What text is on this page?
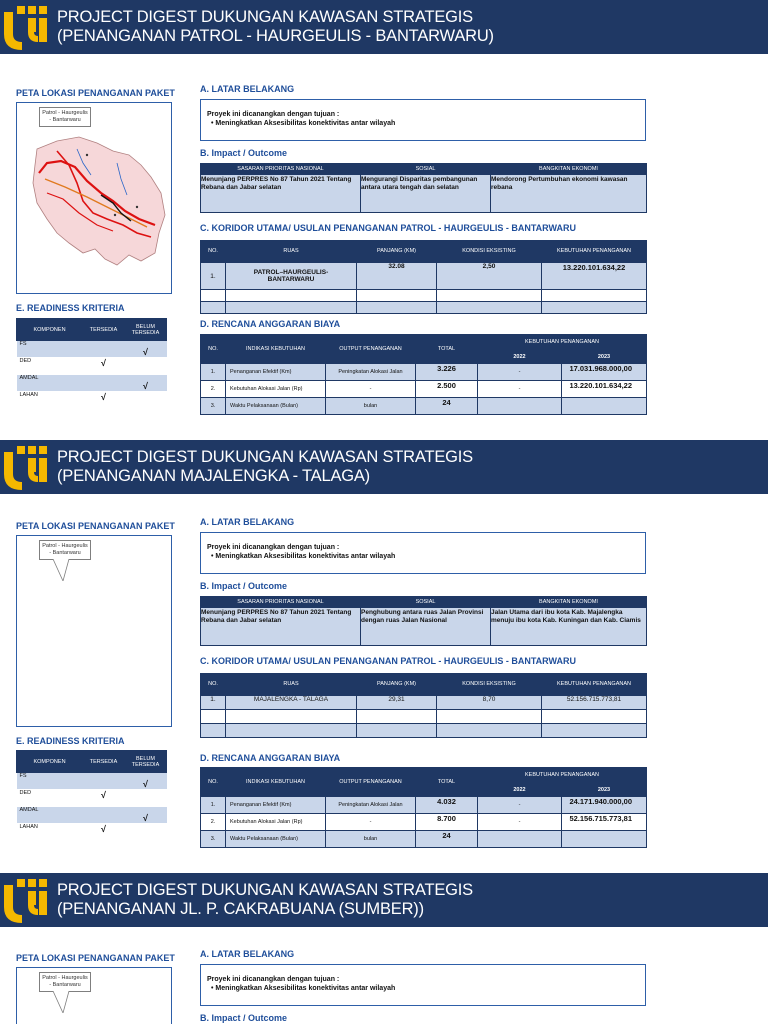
PROJECT DIGEST DUKUNGAN KAWASAN STRATEGIS
(PENANGANAN PATROL - HAURGEULIS - BANTARWARU)
PETA LOKASI PENANGANAN PAKET
Patrol - Haurgeulis
- Bantarwaru
E. READINESS KRITERIA
KOMPONEN	TERSEDIA	BELUM TERSEDIA
FS		√
DED	√	
AMDAL		√
LAHAN	√	
A. LATAR BELAKANG
Proyek ini dicanangkan dengan tujuan :
• Meningkatkan Aksesibilitas konektivitas antar wilayah
B. Impact / Outcome
SASARAN PRIORITAS NASIONAL	SOSIAL	BANGKITAN EKONOMI
Menunjang PERPRES No 87 Tahun 2021 Tentang Rebana dan Jabar selatan	Mengurangi Disparitas pembangunan antara utara tengah dan selatan	Mendorong Pertumbuhan ekonomi kawasan rebana
C. KORIDOR UTAMA/ USULAN PENANGANAN PATROL - HAURGEULIS - BANTARWARU
NO.	RUAS	PANJANG (KM)	KONDISI EKSISTING	KEBUTUHAN PENANGANAN
1.	PATROL–HAURGEULIS-BANTARWARU	32.08	2,50	13.220.101.634,22

D. RENCANA ANGGARAN BIAYA
NO.	INDIKASI KEBUTUHAN	OUTPUT PENANGANAN	TOTAL	KEBUTUHAN PENANGANAN	
				2022	2023
1.	Penanganan Efektif (Km)	Peningkatan Alokasi Jalan	3.226	-	17.031.968.000,00
2.	Kebutuhan Alokasi Jalan (Rp)	-	2.500	-	13.220.101.634,22
3.	Waktu Pelaksanaan (Bulan)	bulan	24		
PROJECT DIGEST DUKUNGAN KAWASAN STRATEGIS
(PENANGANAN MAJALENGKA - TALAGA)
PETA LOKASI PENANGANAN PAKET
Patrol - Haurgeulis
- Bantarwaru
E. READINESS KRITERIA
KOMPONEN	TERSEDIA	BELUM TERSEDIA
FS		√
DED	√	
AMDAL		√
LAHAN	√	
A. LATAR BELAKANG
Proyek ini dicanangkan dengan tujuan :
• Meningkatkan Aksesibilitas konektivitas antar wilayah
B. Impact / Outcome
SASARAN PRIORITAS NASIONAL	SOSIAL	BANGKITAN EKONOMI
Menunjang PERPRES No 87 Tahun 2021 Tentang Rebana dan Jabar selatan	Penghubung antara ruas Jalan Provinsi dengan ruas Jalan Nasional	Jalan Utama dari ibu kota Kab. Majalengka menuju ibu kota Kab. Kuningan dan Kab. Ciamis
C. KORIDOR UTAMA/ USULAN PENANGANAN PATROL - HAURGEULIS - BANTARWARU
NO.	RUAS	PANJANG (KM)	KONDISI EKSISTING	KEBUTUHAN PENANGANAN
1.	MAJALENGKA - TALAGA	29,31	8,70	52.156.715.773,81

D. RENCANA ANGGARAN BIAYA
NO.	INDIKASI KEBUTUHAN	OUTPUT PENANGANAN	TOTAL	KEBUTUHAN PENANGANAN	
				2022	2023
1.	Penanganan Efektif (Km)	Peningkatan Alokasi Jalan	4.032	-	24.171.940.000,00
2.	Kebutuhan Alokasi Jalan (Rp)	-	8.700	-	52.156.715.773,81
3.	Waktu Pelaksanaan (Bulan)	bulan	24		
PROJECT DIGEST DUKUNGAN KAWASAN STRATEGIS
(PENANGANAN JL. P. CAKRABUANA (SUMBER))
PETA LOKASI PENANGANAN PAKET
Patrol - Haurgeulis
- Bantarwaru
A. LATAR BELAKANG
Proyek ini dicanangkan dengan tujuan :
• Meningkatkan Aksesibilitas konektivitas antar wilayah
B. Impact / Outcome
